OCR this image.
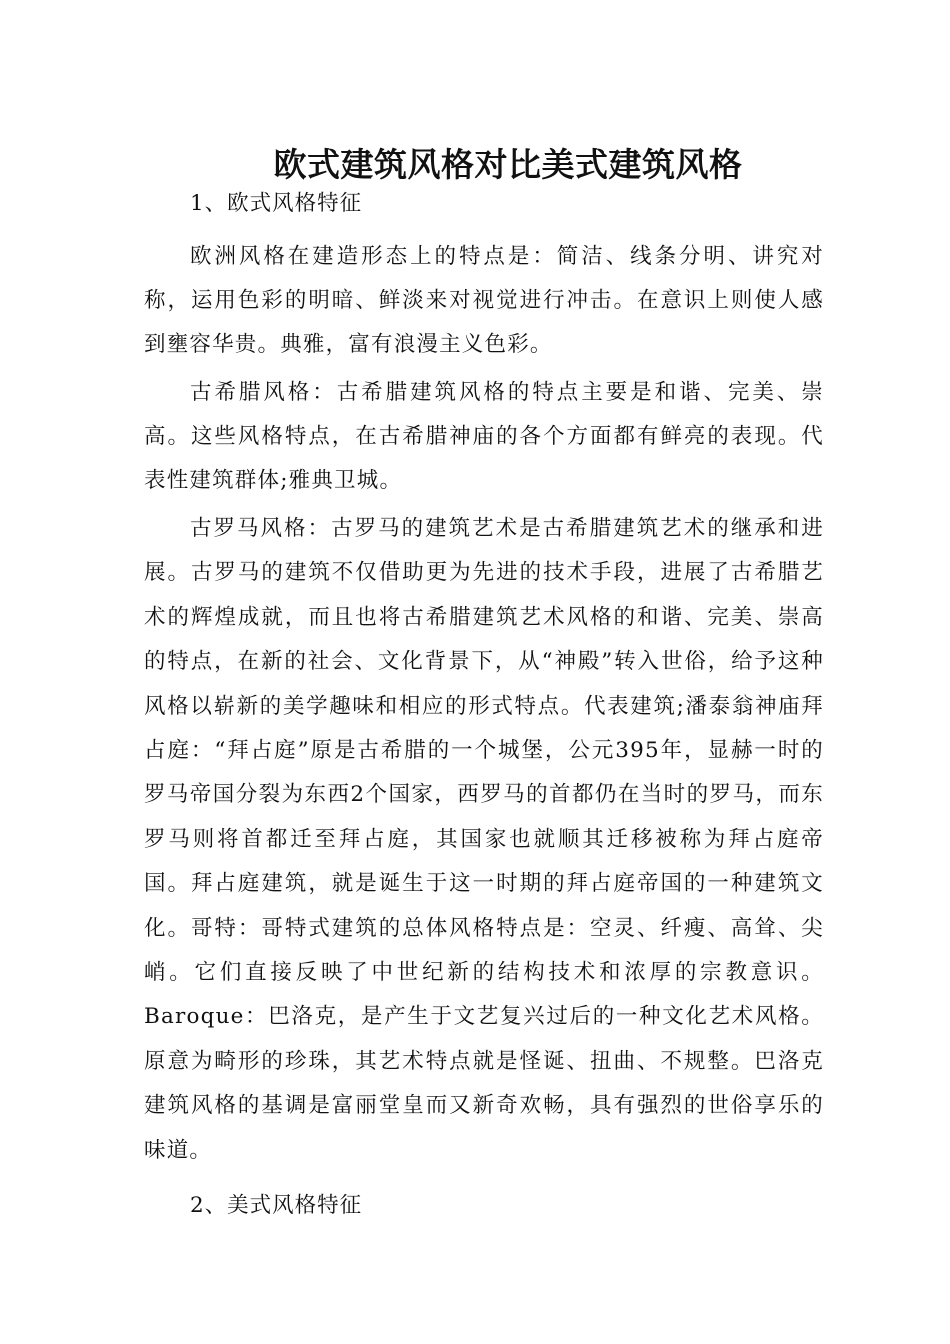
欧式建筑风格对比美式建筑风格

1、欧式风格特征

欧洲风格在建造形态上的特点是：简洁、线条分明、讲究对称，运用色彩的明暗、鲜淡来对视觉进行冲击。在意识上则使人感到壅容华贵。典雅，富有浪漫主义色彩。

古希腊风格：古希腊建筑风格的特点主要是和谐、完美、崇高。这些风格特点，在古希腊神庙的各个方面都有鲜亮的表现。代表性建筑群体;雅典卫城。

古罗马风格：古罗马的建筑艺术是古希腊建筑艺术的继承和进展。古罗马的建筑不仅借助更为先进的技术手段，进展了古希腊艺术的辉煌成就，而且也将古希腊建筑艺术风格的和谐、完美、崇高的特点，在新的社会、文化背景下，从“神殿”转入世俗，给予这种风格以崭新的美学趣味和相应的形式特点。代表建筑;潘泰翁神庙拜占庭：“拜占庭”原是古希腊的一个城堡，公元395年，显赫一时的罗马帝国分裂为东西2个国家，西罗马的首都仍在当时的罗马，而东罗马则将首都迁至拜占庭，其国家也就顺其迁移被称为拜占庭帝国。拜占庭建筑，就是诞生于这一时期的拜占庭帝国的一种建筑文化。哥特：哥特式建筑的总体风格特点是：空灵、纤瘦、高耸、尖峭。它们直接反映了中世纪新的结构技术和浓厚的宗教意识。Baroque：巴洛克，是产生于文艺复兴过后的一种文化艺术风格。原意为畸形的珍珠，其艺术特点就是怪诞、扭曲、不规整。巴洛克建筑风格的基调是富丽堂皇而又新奇欢畅，具有强烈的世俗享乐的味道。

2、美式风格特征
